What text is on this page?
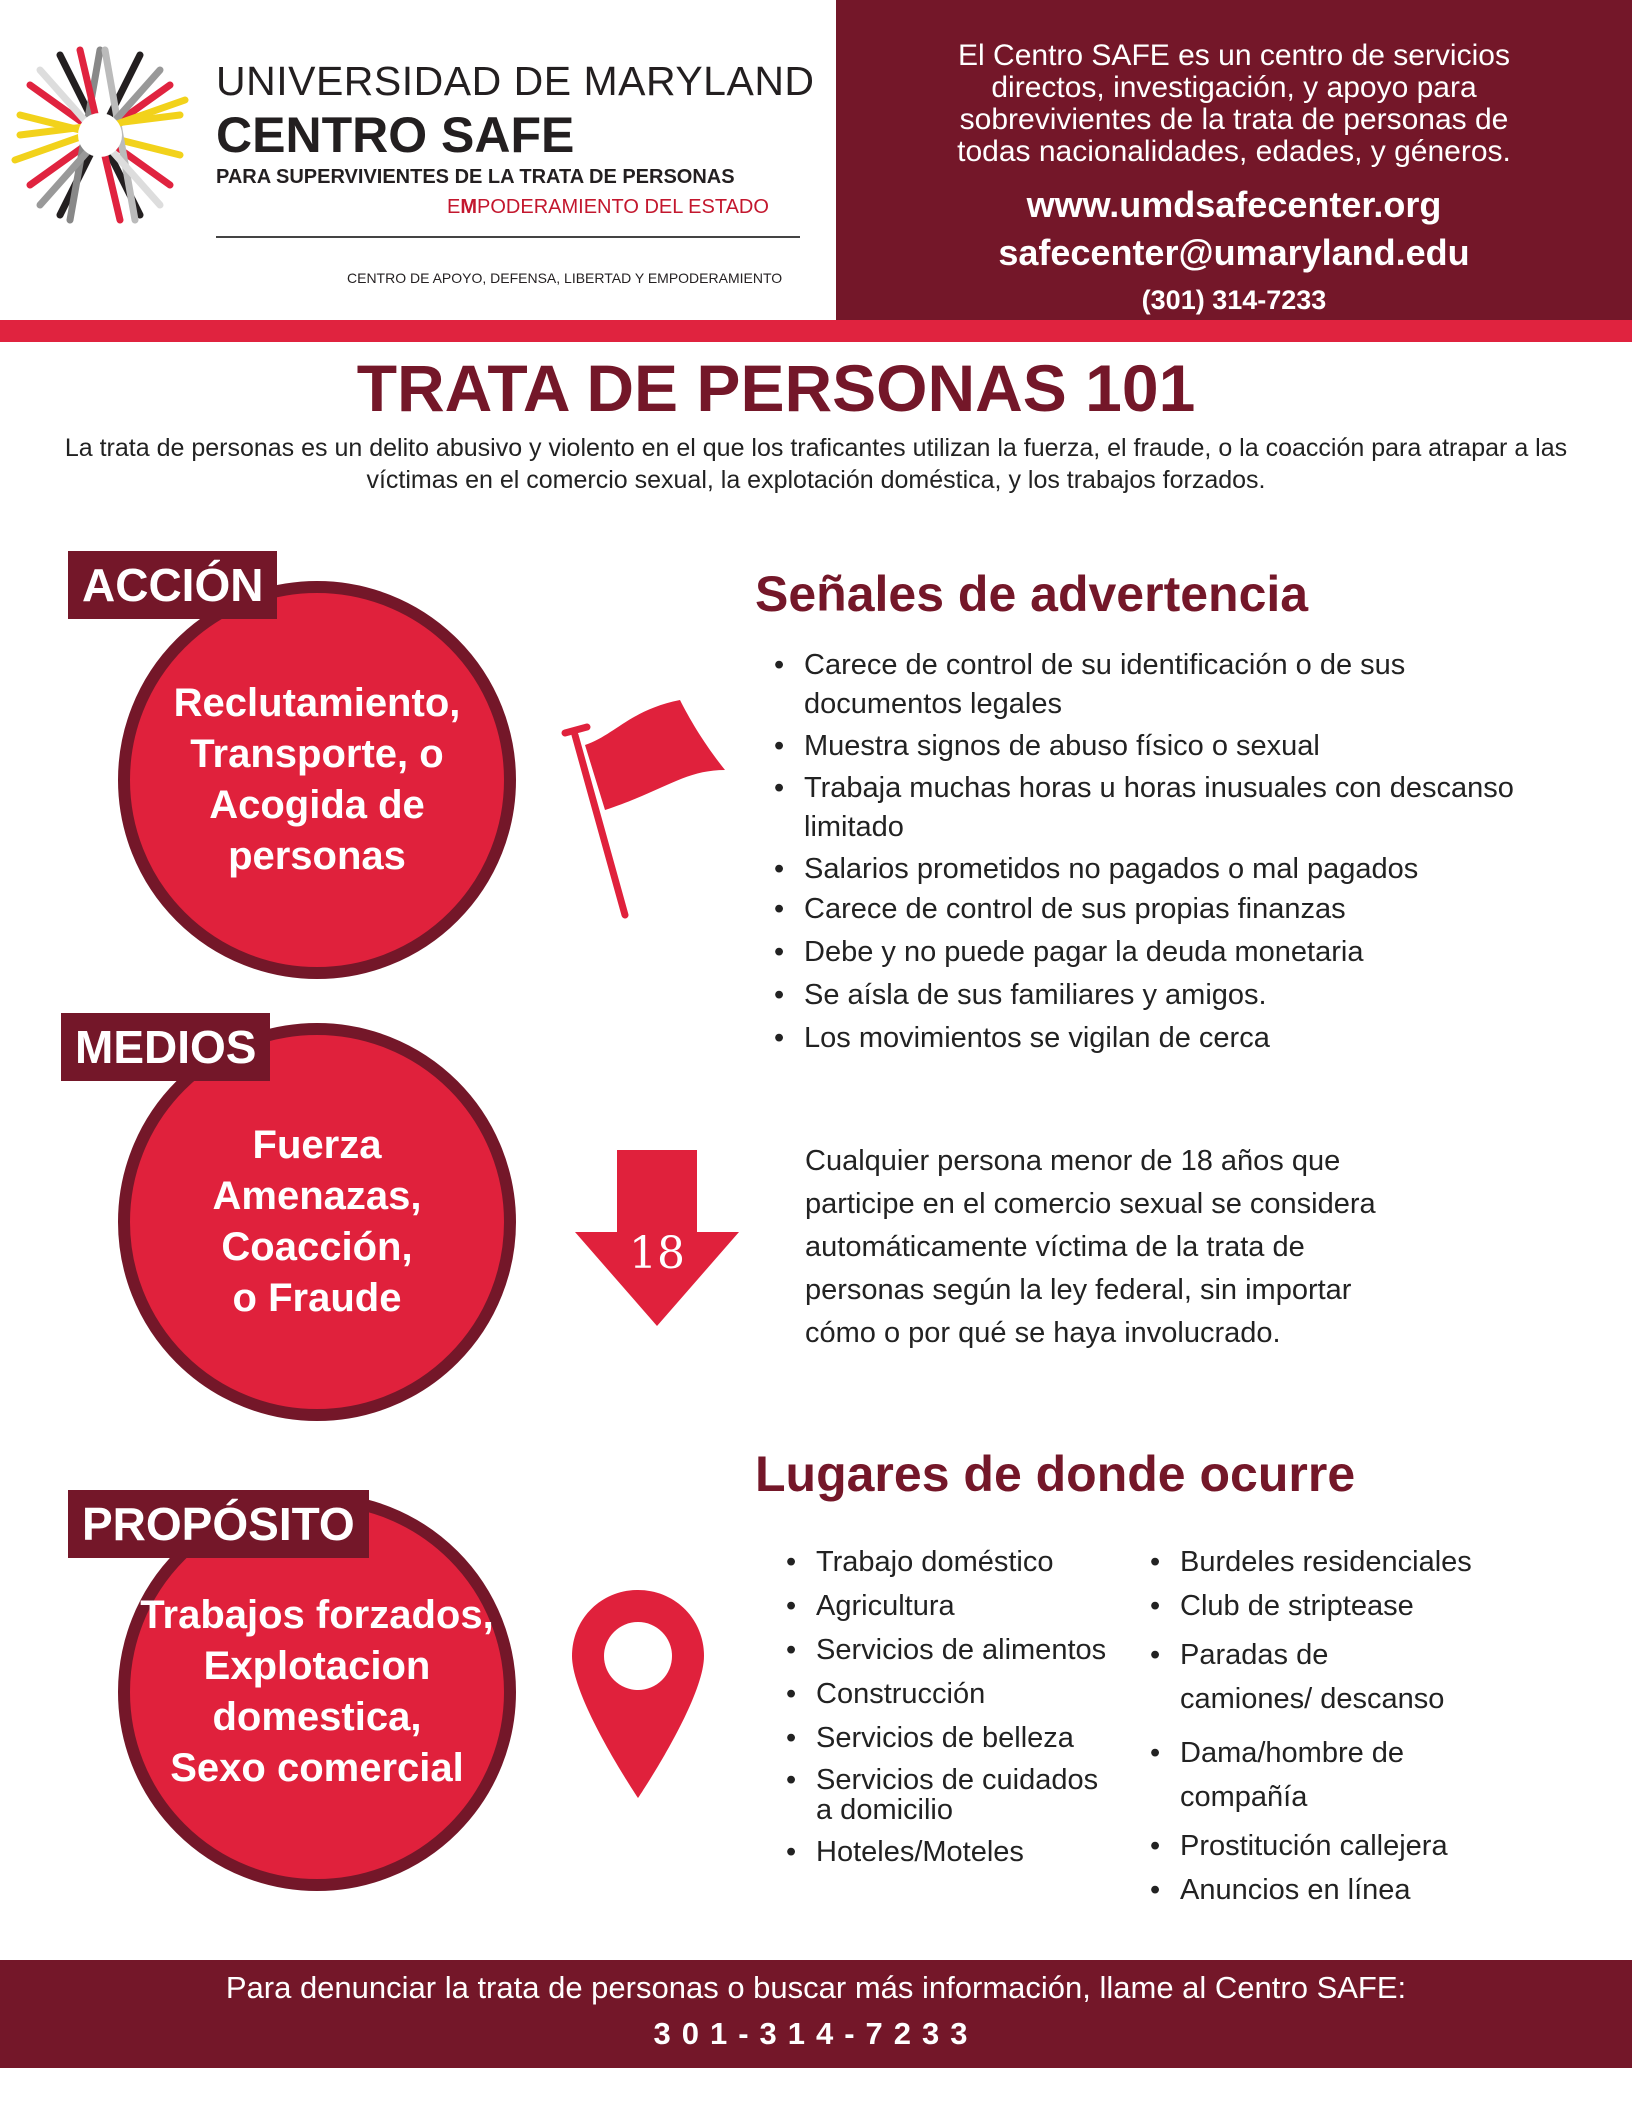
UNIVERSIDAD DE MARYLAND
CENTRO SAFE
PARA SUPERVIVIENTES DE LA TRATA DE PERSONAS
EMPODERAMIENTO DEL ESTADO
CENTRO DE APOYO, DEFENSA, LIBERTAD Y EMPODERAMIENTO
El Centro SAFE es un centro de servicios
directos, investigación, y apoyo para
sobrevivientes de la trata de personas de
todas nacionalidades, edades, y géneros.
www.umdsafecenter.org
safecenter@umaryland.edu
(301) 314-7233
TRATA DE PERSONAS 101
La trata de personas es un delito abusivo y violento en el que los traficantes utilizan la fuerza, el fraude, o la coacción para atrapar a las víctimas en el comercio sexual, la explotación doméstica, y los trabajos forzados.
Reclutamiento,
Transporte, o
Acogida de
personas
ACCIÓN
Fuerza
Amenazas,
Coacción,
o Fraude
MEDIOS
Trabajos forzados,
Explotacion
domestica,
Sexo comercial
PROPÓSITO
18
Señales de advertencia
• Carece de control de su identificación o de sus documentos legales
• Muestra signos de abuso físico o sexual
• Trabaja muchas horas u horas inusuales con descanso limitado
• Salarios prometidos no pagados o mal pagados
• Carece de control de sus propias finanzas
• Debe y no puede pagar la deuda monetaria
• Se aísla de sus familiares y amigos.
• Los movimientos se vigilan de cerca
Cualquier persona menor de 18 años que
participe en el comercio sexual se considera
automáticamente víctima de la trata de
personas según la ley federal, sin importar
cómo o por qué se haya involucrado.
Lugares de donde ocurre
• Trabajo doméstico
• Agricultura
• Servicios de alimentos
• Construcción
• Servicios de belleza
• Servicios de cuidados a domicilio
• Hoteles/Moteles
• Burdeles residenciales
• Club de striptease
• Paradas de camiones/ descanso
• Dama/hombre de compañía
• Prostitución callejera
• Anuncios en línea
Para denunciar la trata de personas o buscar más información, llame al Centro SAFE:
301-314-7233
